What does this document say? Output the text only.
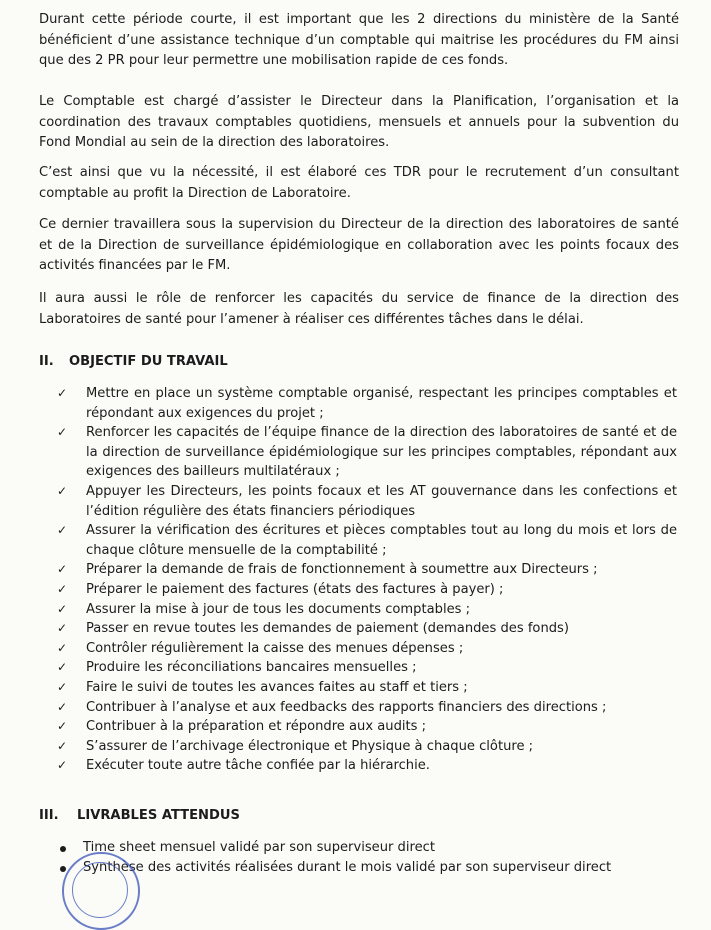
Durant cette période courte, il est important que les 2 directions du ministère de la Santé bénéficient d’une assistance technique d’un comptable qui maitrise les procédures du FM ainsi que des 2 PR pour leur permettre une mobilisation rapide de ces fonds.

Le Comptable est chargé d’assister le Directeur dans la Planification, l’organisation et la coordination des travaux comptables quotidiens, mensuels et annuels pour la subvention du Fond Mondial au sein de la direction des laboratoires.

C’est ainsi que vu la nécessité, il est élaboré ces TDR pour le recrutement d’un consultant comptable au profit la Direction de Laboratoire.

Ce dernier travaillera sous la supervision du Directeur de la direction des laboratoires de santé et de la Direction de surveillance épidémiologique en collaboration avec les points focaux des activités financées par le FM.

Il aura aussi le rôle de renforcer les capacités du service de finance de la direction des Laboratoires de santé pour l’amener à réaliser ces différentes tâches dans le délai.

II.	OBJECTIF DU TRAVAIL
✓ Mettre en place un système comptable organisé, respectant les principes comptables et répondant aux exigences du projet ;
✓ Renforcer les capacités de l’équipe finance de la direction des laboratoires de santé et de la direction de surveillance épidémiologique sur les principes comptables, répondant aux exigences des bailleurs multilatéraux ;
✓ Appuyer les Directeurs, les points focaux et les AT gouvernance dans les confections et l’édition régulière des états financiers périodiques
✓ Assurer la vérification des écritures et pièces comptables tout au long du mois et lors de chaque clôture mensuelle de la comptabilité ;
✓ Préparer la demande de frais de fonctionnement à soumettre aux Directeurs ;
✓ Préparer le paiement des factures (états des factures à payer) ;
✓ Assurer la mise à jour de tous les documents comptables ;
✓ Passer en revue toutes les demandes de paiement (demandes des fonds)
✓ Contrôler régulièrement la caisse des menues dépenses ;
✓ Produire les réconciliations bancaires mensuelles ;
✓ Faire le suivi de toutes les avances faites au staff et tiers ;
✓ Contribuer à l’analyse et aux feedbacks des rapports financiers des directions ;
✓ Contribuer à la préparation et répondre aux audits ;
✓ S’assurer de l’archivage électronique et Physique à chaque clôture ;
✓ Exécuter toute autre tâche confiée par la hiérarchie.
III.	LIVRABLES ATTENDUS
Time sheet mensuel validé par son superviseur direct
Synthèse des activités réalisées durant le mois validé par son superviseur direct
